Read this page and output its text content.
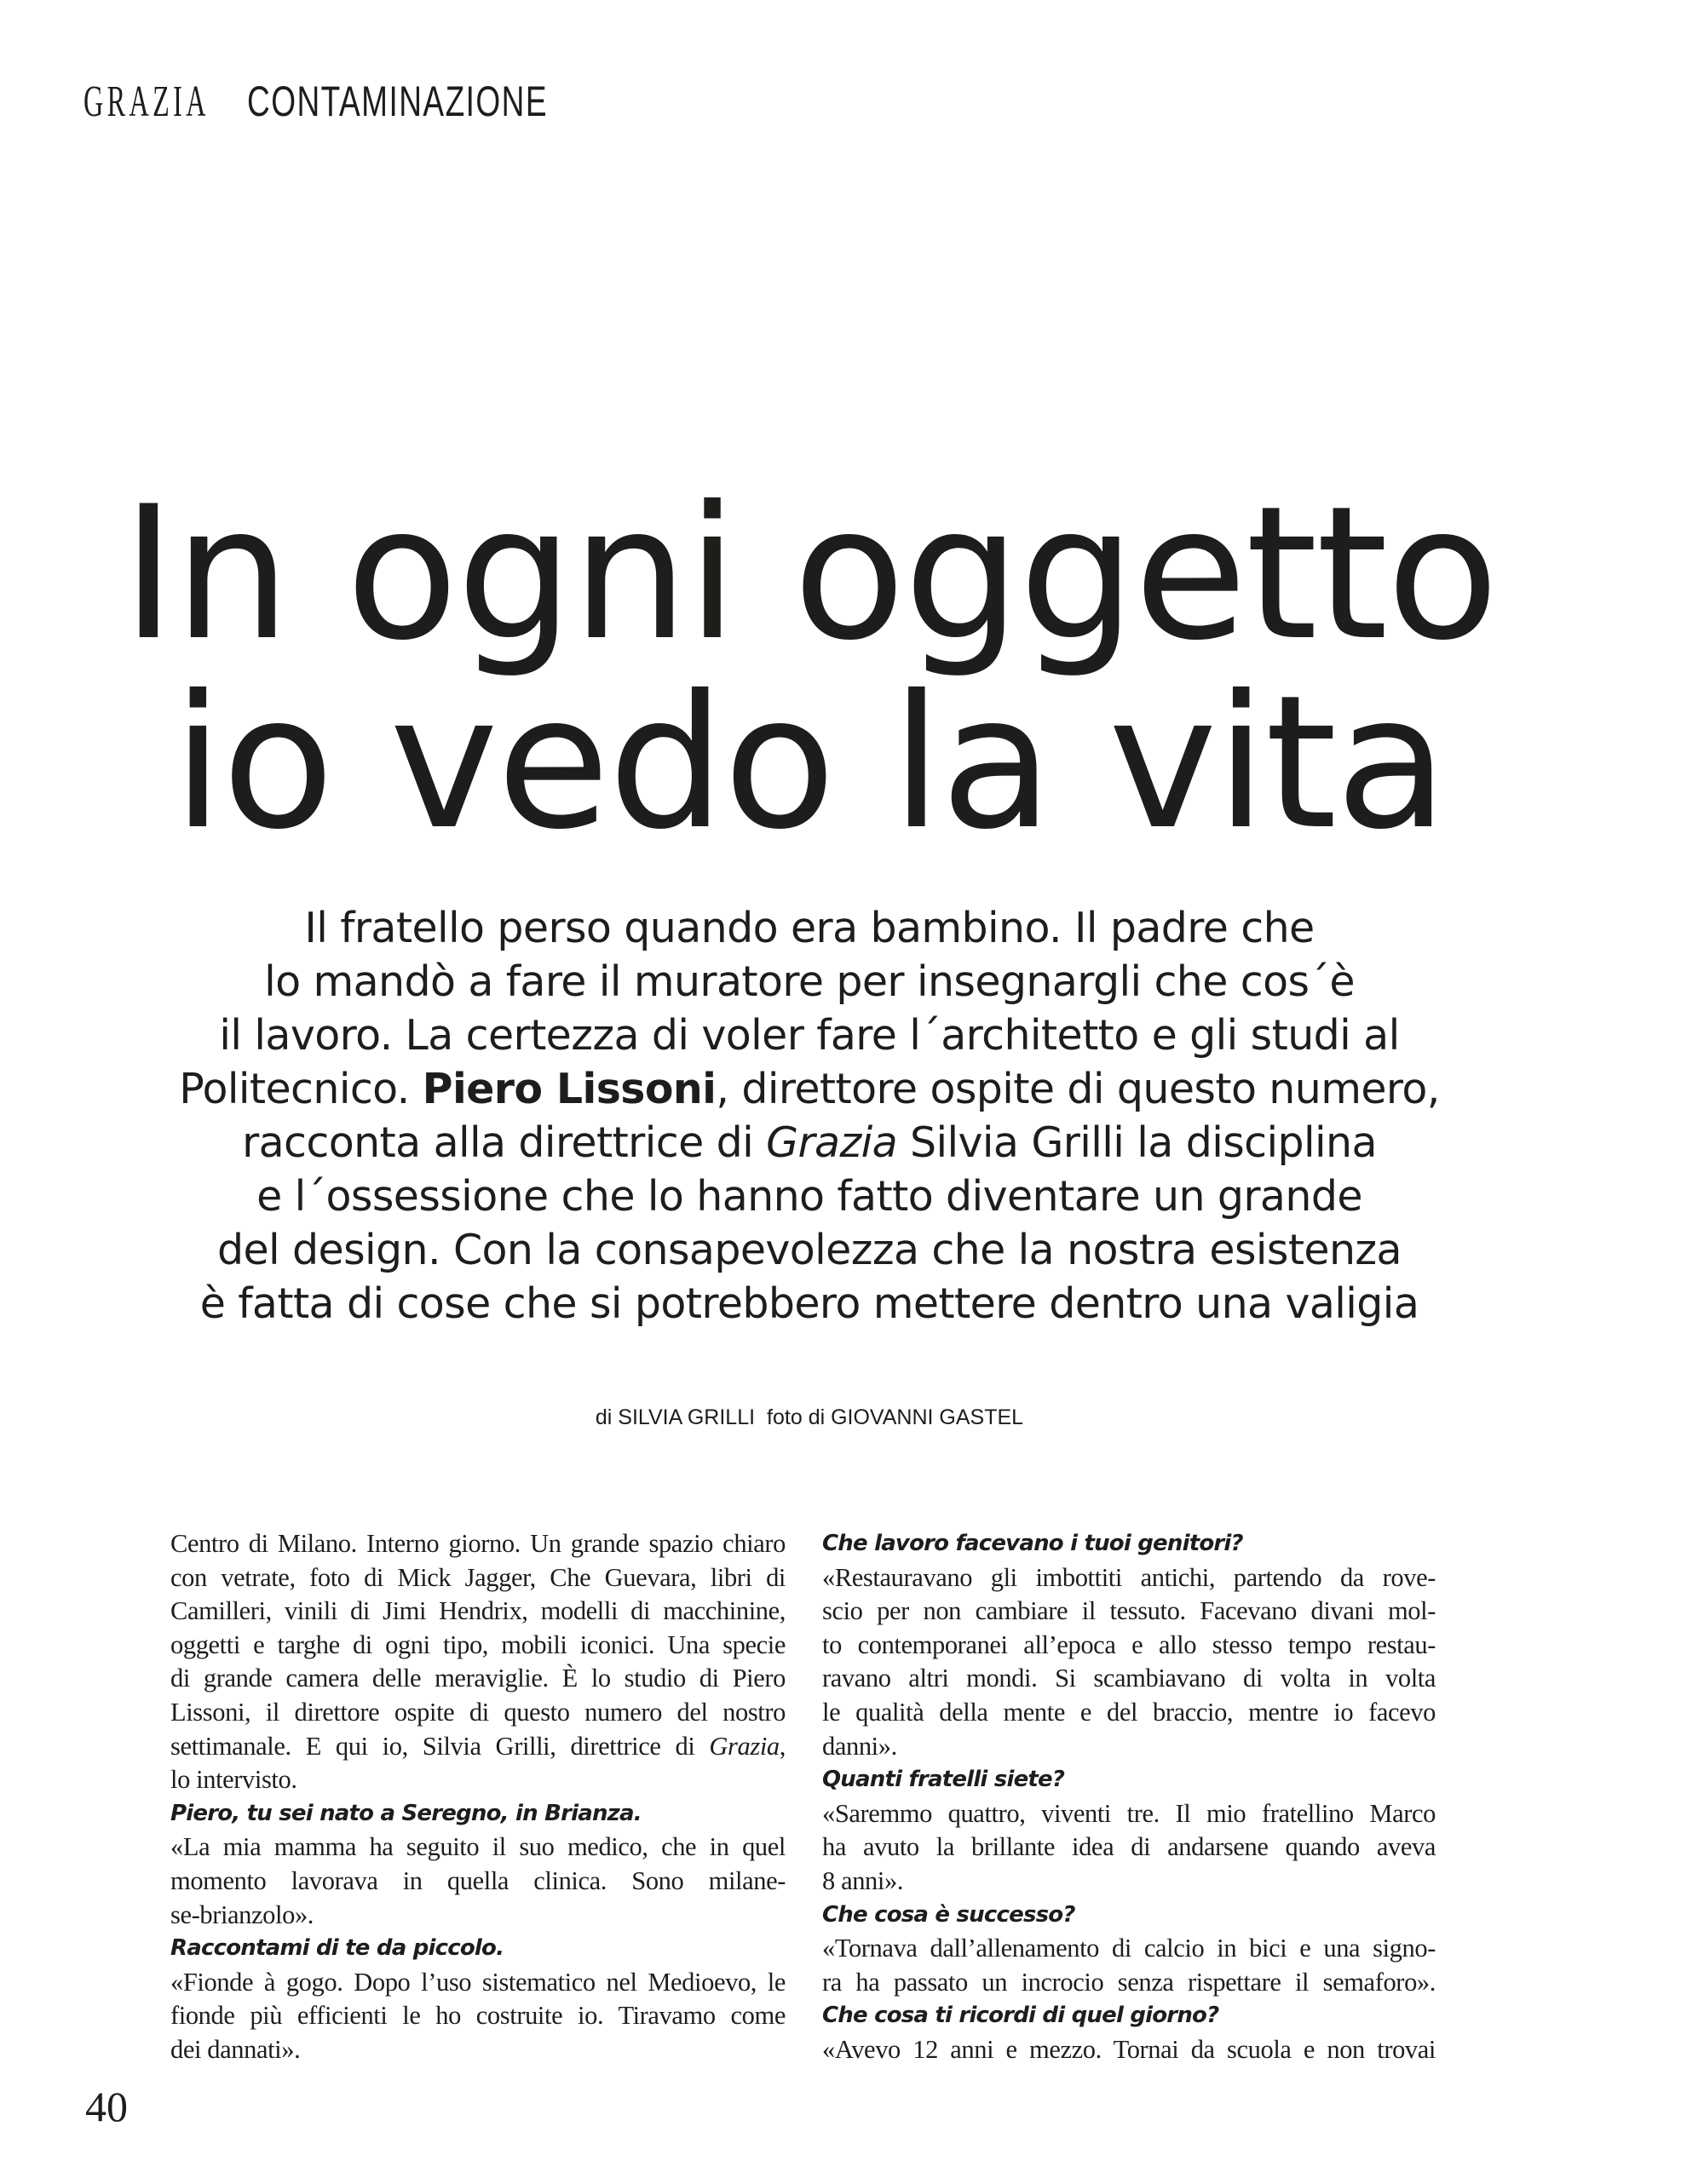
GRAZIA CONTAMINAZIONE
In ogni oggetto
io vedo la vita
Il fratello perso quando era bambino. Il padre che
lo mandò a fare il muratore per insegnargli che cos´è
il lavoro. La certezza di voler fare l´architetto e gli studi al
Politecnico. Piero Lissoni, direttore ospite di questo numero,
racconta alla direttrice di Grazia Silvia Grilli la disciplina
e l´ossessione che lo hanno fatto diventare un grande
del design. Con la consapevolezza che la nostra esistenza
è fatta di cose che si potrebbero mettere dentro una valigia
di SILVIA GRILLI foto di GIOVANNI GASTEL
Centro di Milano. Interno giorno. Un grande spazio chiaro
con vetrate, foto di Mick Jagger, Che Guevara, libri di
Camilleri, vinili di Jimi Hendrix, modelli di macchinine,
oggetti e targhe di ogni tipo, mobili iconici. Una specie
di grande camera delle meraviglie. È lo studio di Piero
Lissoni, il direttore ospite di questo numero del nostro
settimanale. E qui io, Silvia Grilli, direttrice di Grazia,
lo intervisto.
Piero, tu sei nato a Seregno, in Brianza.
«La mia mamma ha seguito il suo medico, che in quel
momento lavorava in quella clinica. Sono milane-
se-brianzolo».
Raccontami di te da piccolo.
«Fionde à gogo. Dopo l’uso sistematico nel Medioevo, le
fionde più efficienti le ho costruite io. Tiravamo come
dei dannati».
Che lavoro facevano i tuoi genitori?
«Restauravano gli imbottiti antichi, partendo da rove-
scio per non cambiare il tessuto. Facevano divani mol-
to contemporanei all’epoca e allo stesso tempo restau-
ravano altri mondi. Si scambiavano di volta in volta
le qualità della mente e del braccio, mentre io facevo
danni».
Quanti fratelli siete?
«Saremmo quattro, viventi tre. Il mio fratellino Marco
ha avuto la brillante idea di andarsene quando aveva
8 anni».
Che cosa è successo?
«Tornava dall’allenamento di calcio in bici e una signo-
ra ha passato un incrocio senza rispettare il semaforo».
Che cosa ti ricordi di quel giorno?
«Avevo 12 anni e mezzo. Tornai da scuola e non trovai
40
